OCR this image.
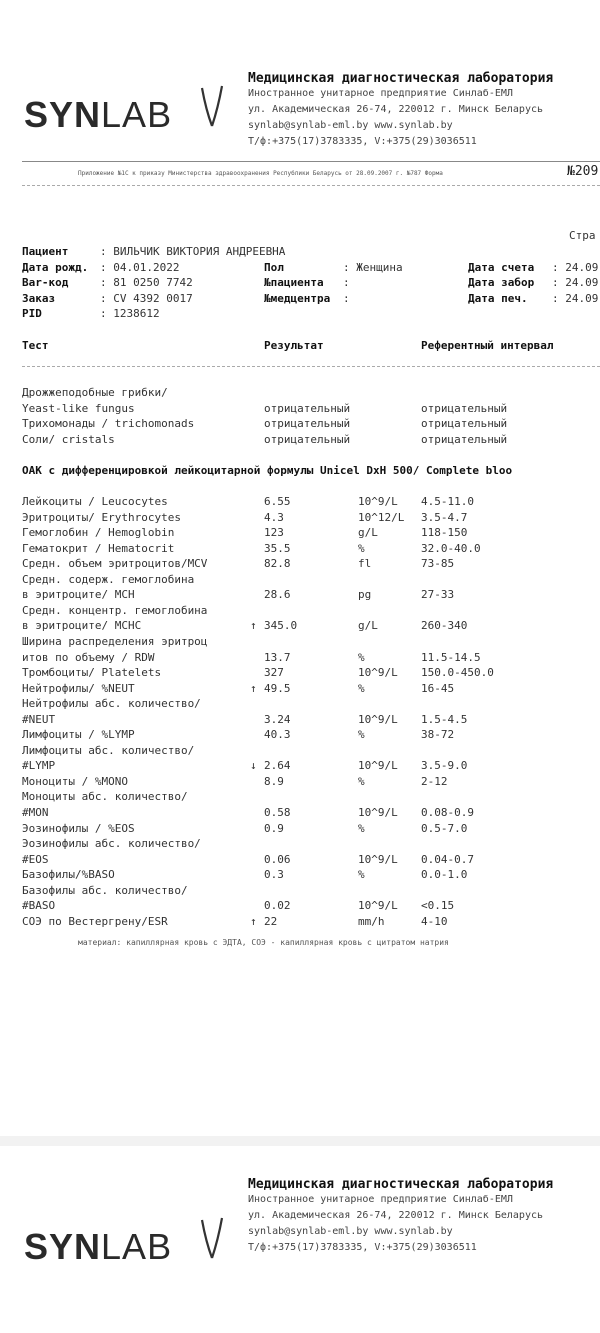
SYNLAB
Медицинская диагностическая лаборатория
Иностранное унитарное предприятие Синлаб-ЕМЛ
ул. Академическая 26-74, 220012 г. Минск Беларусь
synlab@synlab-eml.by www.synlab.by
Т/ф:+375(17)3783335, V:+375(29)3036511
Приложение №1С к приказу Министерства здравоохранения Республики Беларусь от 28.09.2007 г. №787 Форма	№209
Стра
Пациент	: ВИЛЬЧИК ВИКТОРИЯ АНДРЕЕВНА
Дата рожд. : 04.01.2022
Bar-код	: 81 0250 7742
Заказ	: CV 4392 0017
PID	: 1238612
Пол	: Женщина
№пациента :
№медцентра :
Дата счета : 24.09
Дата забор : 24.09
Дата печ. : 24.09
Тест	Результат	Референтный интервал
Дрожжеподобные грибки/
Yeast-like fungus	отрицательный	отрицательный
Трихомонады / trichomonads	отрицательный	отрицательный
Соли/ cristals	отрицательный	отрицательный
ОАК с дифференцировкой лейкоцитарной формулы Unicel DxH 500/ Complete bloo
Лейкоциты / Leucocytes	6.55	10^9/L 4.5-11.0
Эритроциты/ Erythrocytes	4.3	10^12/L 3.5-4.7
Гемоглобин / Hemoglobin	123	g/L	118-150
Гематокрит / Hematocrit	35.5	%	32.0-40.0
Средн. объем эритроцитов/MCV	82.8	fl	73-85
Средн. содерж. гемоглобина
в эритроците/ MCH	28.6	pg	27-33
Средн. концентр. гемоглобина
в эритроците/ MCHC	↑ 345.0	g/L	260-340
Ширина распределения эритроц
итов по объему / RDW	13.7	%	11.5-14.5
Тромбоциты/ Platelets	327	10^9/L 150.0-450.0
Нейтрофилы/ %NEUT	↑ 49.5	%	16-45
Нейтрофилы абс. количество/
#NEUT	3.24	10^9/L 1.5-4.5
Лимфоциты / %LYMP	40.3	%	38-72
Лимфоциты абс. количество/
#LYMP	↓ 2.64	10^9/L 3.5-9.0
Моноциты / %MONO	8.9	%	2-12
Моноциты абс. количество/
#MON	0.58	10^9/L 0.08-0.9
Эозинофилы / %EOS	0.9	%	0.5-7.0
Эозинофилы абс. количество/
#EOS	0.06	10^9/L 0.04-0.7
Базофилы/%BASO	0.3	%	0.0-1.0
Базофилы абс. количество/
#BASO	0.02	10^9/L <0.15
СОЭ по Вестергрену/ESR	↑ 22	mm/h	4-10
материал: капиллярная кровь с ЭДТА, СОЭ - капиллярная кровь с цитратом натрия
SYNLAB
Медицинская диагностическая лаборатория
Иностранное унитарное предприятие Синлаб-ЕМЛ
ул. Академическая 26-74, 220012 г. Минск Беларусь
synlab@synlab-eml.by www.synlab.by
Т/ф:+375(17)3783335, V:+375(29)3036511
